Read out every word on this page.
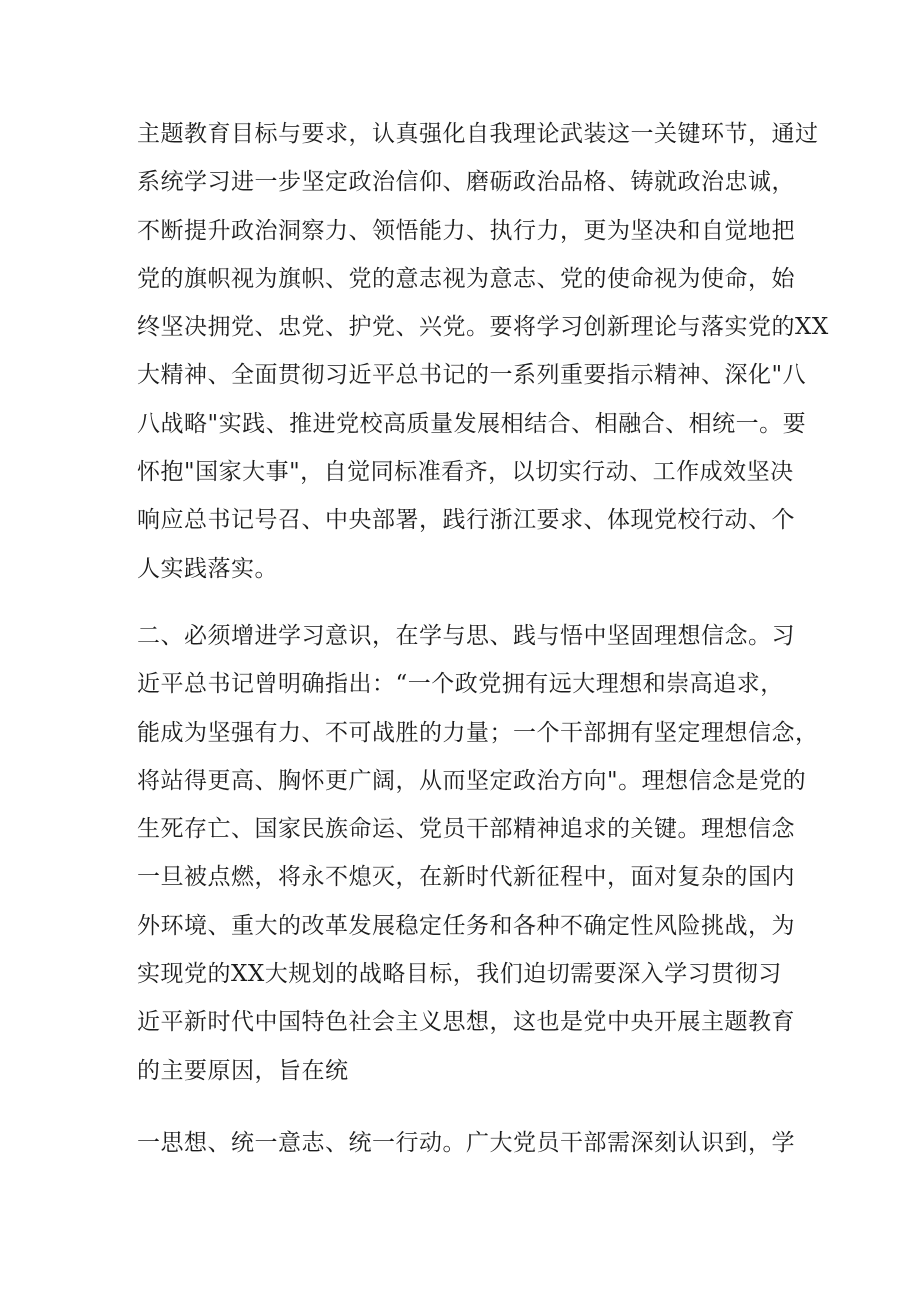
主题教育目标与要求，认真强化自我理论武装这一关键环节，通过
系统学习进一步坚定政治信仰、磨砺政治品格、铸就政治忠诚，
不断提升政治洞察力、领悟能力、执行力，更为坚决和自觉地把
党的旗帜视为旗帜、党的意志视为意志、党的使命视为使命，始
终坚决拥党、忠党、护党、兴党。要将学习创新理论与落实党的XX
大精神、全面贯彻习近平总书记的一系列重要指示精神、深化"八
八战略"实践、推进党校高质量发展相结合、相融合、相统一。要
怀抱"国家大事"，自觉同标准看齐，以切实行动、工作成效坚决
响应总书记号召、中央部署，践行浙江要求、体现党校行动、个
人实践落实。
二、必须增进学习意识，在学与思、践与悟中坚固理想信念。习
近平总书记曾明确指出：“一个政党拥有远大理想和崇高追求，
能成为坚强有力、不可战胜的力量；一个干部拥有坚定理想信念，
将站得更高、胸怀更广阔，从而坚定政治方向"。理想信念是党的
生死存亡、国家民族命运、党员干部精神追求的关键。理想信念
一旦被点燃，将永不熄灭，在新时代新征程中，面对复杂的国内
外环境、重大的改革发展稳定任务和各种不确定性风险挑战，为
实现党的XX大规划的战略目标，我们迫切需要深入学习贯彻习
近平新时代中国特色社会主义思想，这也是党中央开展主题教育
的主要原因，旨在统
一思想、统一意志、统一行动。广大党员干部需深刻认识到，学
